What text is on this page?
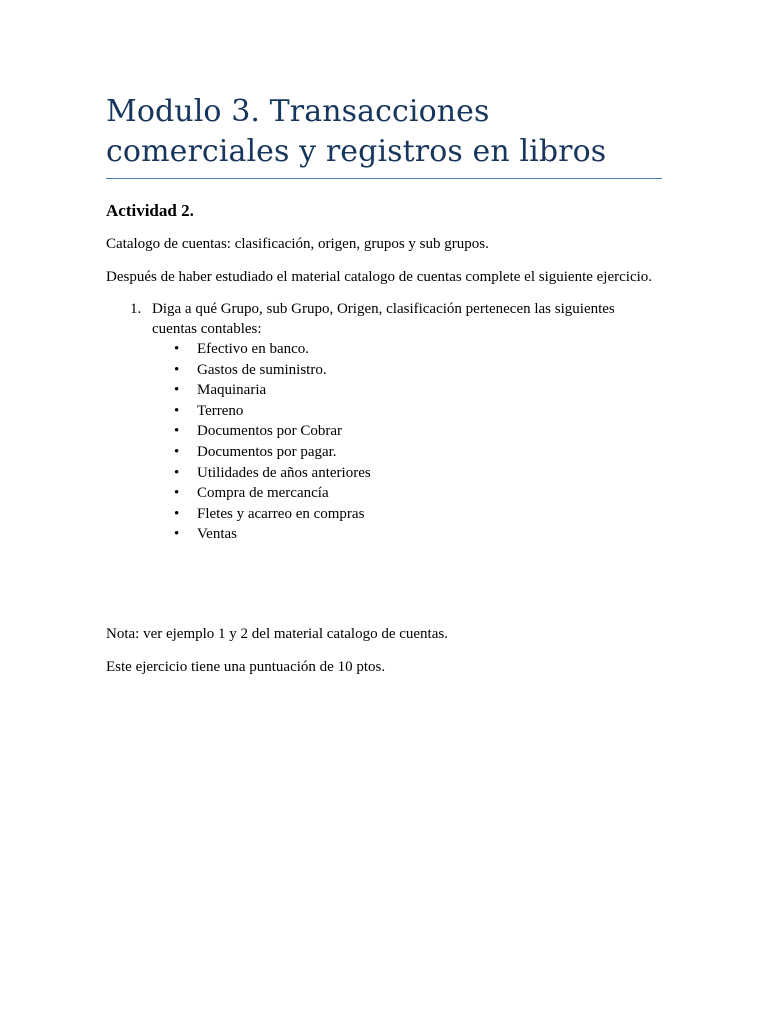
Modulo 3. Transacciones comerciales y registros en libros
Actividad 2.

Catalogo de cuentas: clasificación, origen, grupos y sub grupos.

Después de haber estudiado el material catalogo de cuentas complete el siguiente ejercicio.

1. Diga a qué Grupo, sub Grupo, Origen, clasificación pertenecen las siguientes cuentas contables:
• Efectivo en banco.
• Gastos de suministro.
• Maquinaria
• Terreno
• Documentos por Cobrar
• Documentos por pagar.
• Utilidades de años anteriores
• Compra de mercancía
• Fletes y acarreo en compras
• Ventas

Nota: ver ejemplo 1 y 2 del material catalogo de cuentas.

Este ejercicio tiene una puntuación de 10 ptos.
